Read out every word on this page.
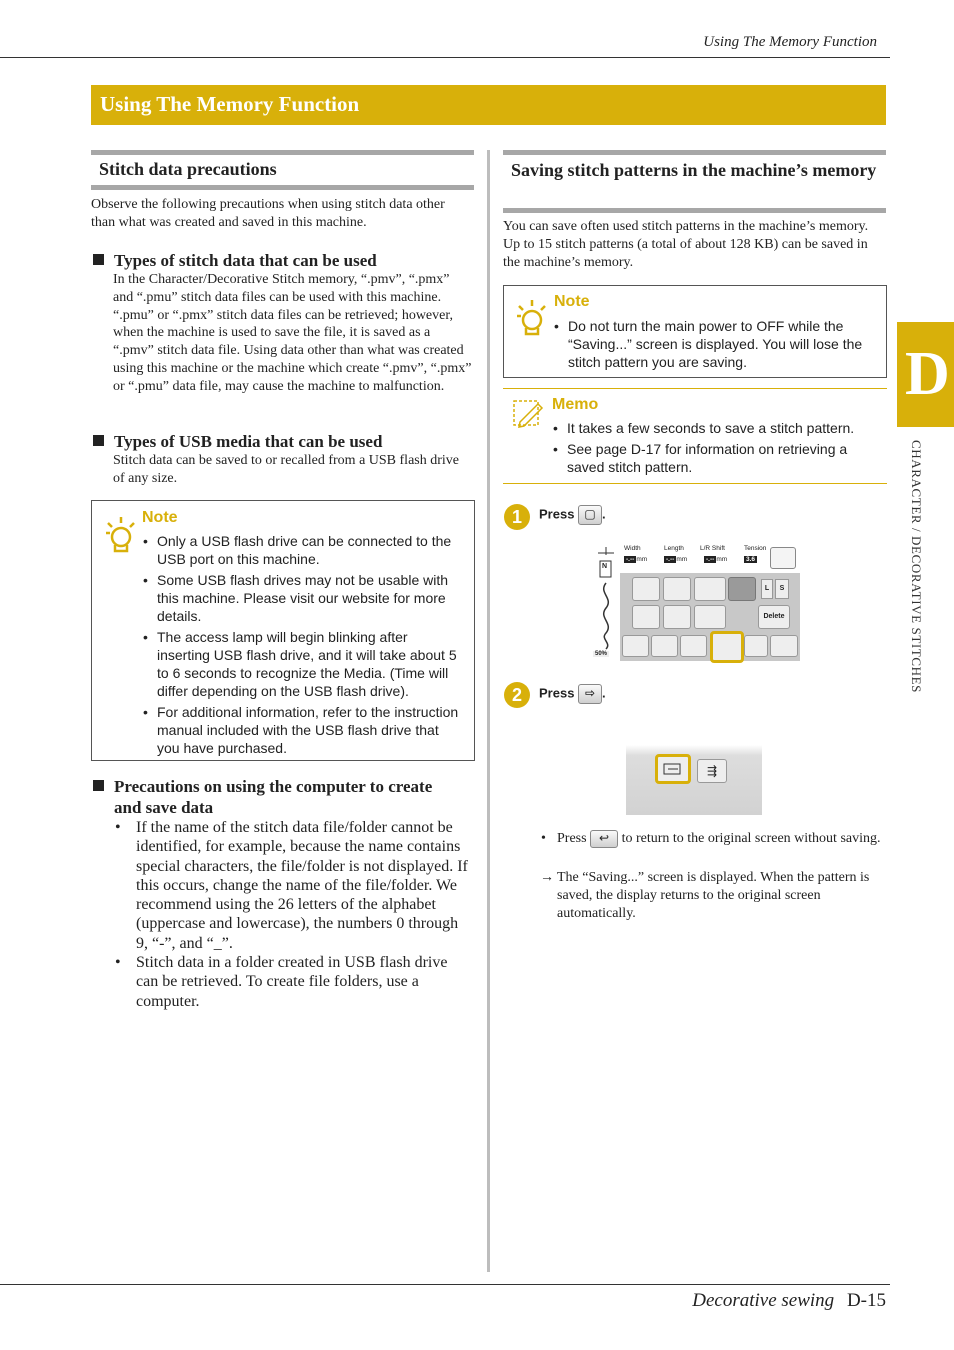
Using The Memory Function
Using The Memory Function
Stitch data precautions
Observe the following precautions when using stitch data other than what was created and saved in this machine.
Types of stitch data that can be used
In the Character/Decorative Stitch memory, “.pmv”, “.pmx” and “.pmu” stitch data files can be used with this machine. “.pmu” or “.pmx” stitch data files can be retrieved; however, when the machine is used to save the file, it is saved as a “.pmv” stitch data file. Using data other than what was created using this machine or the machine which create “.pmv”, “.pmx” or “.pmu” data file, may cause the machine to malfunction.
Types of USB media that can be used
Stitch data can be saved to or recalled from a USB flash drive of any size.
Note
• Only a USB flash drive can be connected to the USB port on this machine.
• Some USB flash drives may not be usable with this machine. Please visit our website for more details.
• The access lamp will begin blinking after inserting USB flash drive, and it will take about 5 to 6 seconds to recognize the Media. (Time will differ depending on the USB flash drive).
• For additional information, refer to the instruction manual included with the USB flash drive that you have purchased.
Precautions on using the computer to create
and save data
• If the name of the stitch data file/folder cannot be identified, for example, because the name contains special characters, the file/folder is not displayed. If this occurs, change the name of the file/folder. We recommend using the 26 letters of the alphabet (uppercase and lowercase), the numbers 0 through 9, “-”, and “_”.
• Stitch data in a folder created in USB flash drive can be retrieved. To create file folders, use a computer.
Saving stitch patterns in the machine’s memory
You can save often used stitch patterns in the machine’s memory. Up to 15 stitch patterns (a total of about 128 KB) can be saved in the machine’s memory.
Note
• Do not turn the main power to OFF while the “Saving...” screen is displayed. You will lose the stitch pattern you are saving.
Memo
• It takes a few seconds to save a stitch pattern.
• See page D-17 for information on retrieving a saved stitch pattern.
1	Press ▢ .
N
50%
Width	Length L/R Shift	Tension
-.-- mm	-.-- mm	-.-- mm	3.6
L	S
Delete
2	Press ⇨ .
⇶
• Press ↩ to return to the original screen without saving.
→ The “Saving...” screen is displayed. When the pattern is saved, the display returns to the original screen automatically.
D
CHARACTER / DECORATIVE STITCHES
Decorative sewing D-15
